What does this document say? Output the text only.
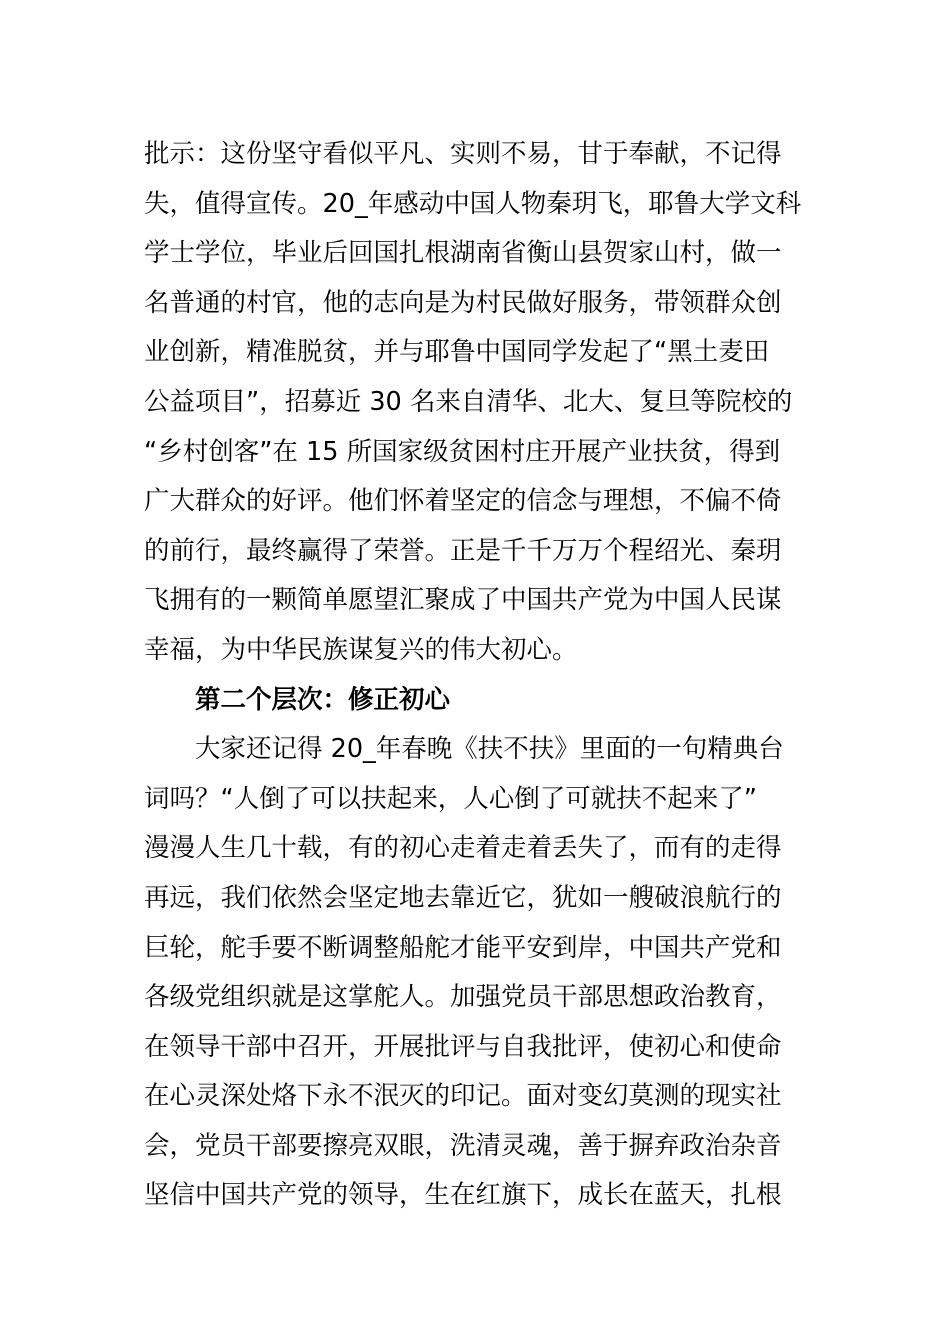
批示：这份坚守看似平凡、实则不易，甘于奉献，不记得
失，值得宣传。20_年感动中国人物秦玥飞，耶鲁大学文科
学士学位，毕业后回国扎根湖南省衡山县贺家山村，做一
名普通的村官，他的志向是为村民做好服务，带领群众创
业创新，精准脱贫，并与耶鲁中国同学发起了“黑土麦田
公益项目”，招募近 30 名来自清华、北大、复旦等院校的
“乡村创客”在 15 所国家级贫困村庄开展产业扶贫，得到
广大群众的好评。他们怀着坚定的信念与理想，不偏不倚
的前行，最终赢得了荣誉。正是千千万万个程绍光、秦玥
飞拥有的一颗简单愿望汇聚成了中国共产党为中国人民谋
幸福，为中华民族谋复兴的伟大初心。
第二个层次：修正初心
大家还记得 20_年春晚《扶不扶》里面的一句精典台
词吗？“人倒了可以扶起来，人心倒了可就扶不起来了”
漫漫人生几十载，有的初心走着走着丢失了，而有的走得
再远，我们依然会坚定地去靠近它，犹如一艘破浪航行的
巨轮，舵手要不断调整船舵才能平安到岸，中国共产党和
各级党组织就是这掌舵人。加强党员干部思想政治教育，
在领导干部中召开，开展批评与自我批评，使初心和使命
在心灵深处烙下永不泯灭的印记。面对变幻莫测的现实社
会，党员干部要擦亮双眼，洗清灵魂，善于摒弃政治杂音
坚信中国共产党的领导，生在红旗下，成长在蓝天，扎根
